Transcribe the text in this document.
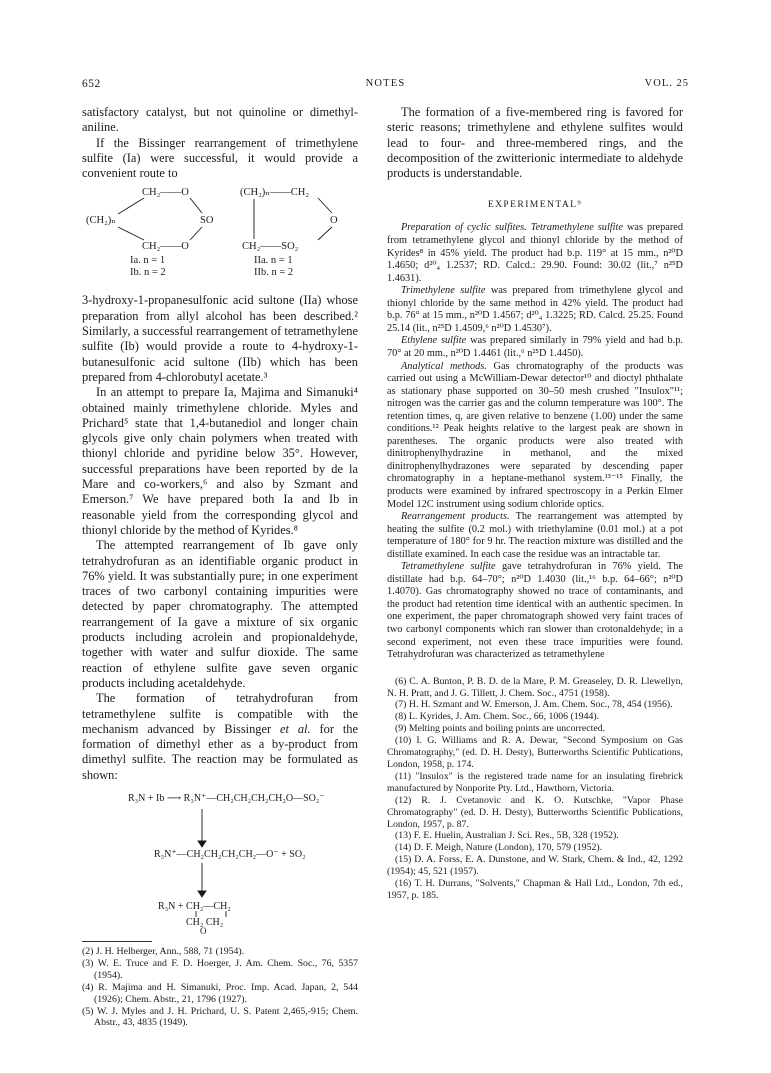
652	NOTES	VOL. 25

satisfactory catalyst, but not quinoline or dimethyl-aniline.

If the Bissinger rearrangement of trimethylene sulfite (Ia) were successful, it would provide a convenient route to

CH₂——O
(CH₂)ₙ	SO
CH₂——O
Ia. n = 1
Ib. n = 2
(CH₂)ₙ——CH₂
O
CH₂——SO₂
IIa. n = 1
IIb. n = 2

3-hydroxy-1-propanesulfonic acid sultone (IIa) whose preparation from allyl alcohol has been described.² Similarly, a successful rearrangement of tetramethylene sulfite (Ib) would provide a route to 4-hydroxy-1-butanesulfonic acid sultone (IIb) which has been prepared from 4-chlorobutyl acetate.³

In an attempt to prepare Ia, Majima and Simanuki⁴ obtained mainly trimethylene chloride. Myles and Prichard⁵ state that 1,4-butanediol and longer chain glycols give only chain polymers when treated with thionyl chloride and pyridine below 35°. However, successful preparations have been reported by de la Mare and co-workers,⁶ and also by Szmant and Emerson.⁷ We have prepared both Ia and Ib in reasonable yield from the corresponding glycol and thionyl chloride by the method of Kyrides.⁸

The attempted rearrangement of Ib gave only tetrahydrofuran as an identifiable organic product in 76% yield. It was substantially pure; in one experiment traces of two carbonyl containing impurities were detected by paper chromatography. The attempted rearrangement of Ia gave a mixture of six organic products including acrolein and propionaldehyde, together with water and sulfur dioxide. The same reaction of ethylene sulfite gave seven organic products including acetaldehyde.

The formation of tetrahydrofuran from tetramethylene sulfite is compatible with the mechanism advanced by Bissinger et al. for the formation of dimethyl ether as a by-product from dimethyl sulfite. The reaction may be formulated as shown:

R₃N + Ib ⟶ R₃N⁺—CH₂CH₂CH₂CH₂O—SO₂⁻
R₃N⁺—CH₂CH₂CH₂CH₂—O⁻ + SO₂
R₃N + CH₂—CH₂
CH₂ CH₂
O

(2) J. H. Helberger, Ann., 588, 71 (1954).

(3) W. E. Truce and F. D. Hoerger, J. Am. Chem. Soc., 76, 5357 (1954).

(4) R. Majima and H. Simanuki, Proc. Imp. Acad. Japan, 2, 544 (1926); Chem. Abstr., 21, 1796 (1927).

(5) W. J. Myles and J. H. Prichard, U. S. Patent 2,465,-915; Chem. Abstr., 43, 4835 (1949).

The formation of a five-membered ring is favored for steric reasons; trimethylene and ethylene sulfites would lead to four- and three-membered rings, and the decomposition of the zwitterionic intermediate to aldehyde products is understandable.

EXPERIMENTAL⁹

Preparation of cyclic sulfites. Tetramethylene sulfite was prepared from tetramethylene glycol and thionyl chloride by the method of Kyrides⁸ in 45% yield. The product had b.p. 119° at 15 mm., n²⁰D 1.4650; d²⁰₄ 1.2537; RD. Calcd.: 29.90. Found: 30.02 (lit.,⁷ n²⁵D 1.4631).

Trimethylene sulfite was prepared from trimethylene glycol and thionyl chloride by the same method in 42% yield. The product had b.p. 76° at 15 mm., n²⁰D 1.4567; d²⁰₄ 1.3225; RD. Calcd. 25.25. Found 25.14 (lit., n²⁵D 1.4509,⁶ n²⁰D 1.4530⁷).

Ethylene sulfite was prepared similarly in 79% yield and had b.p. 70° at 20 mm., n²⁰D 1.4461 (lit.,⁶ n²⁵D 1.4450).

Analytical methods. Gas chromatography of the products was carried out using a McWilliam-Dewar detector¹⁰ and dioctyl phthalate as stationary phase supported on 30–50 mesh crushed "Insulox"¹¹; nitrogen was the carrier gas and the column temperature was 100°. The retention times, q, are given relative to benzene (1.00) under the same conditions.¹² Peak heights relative to the largest peak are shown in parentheses. The organic products were also treated with dinitrophenylhydrazine in methanol, and the mixed dinitrophenylhydrazones were separated by descending paper chromatography in a heptane-methanol system.¹³⁻¹⁵ Finally, the products were examined by infrared spectroscopy in a Perkin Elmer Model 12C instrument using sodium chloride optics.

Rearrangement products. The rearrangement was attempted by heating the sulfite (0.2 mol.) with triethylamine (0.01 mol.) at a pot temperature of 180° for 9 hr. The reaction mixture was distilled and the distillate examined. In each case the residue was an intractable tar.

Tetramethylene sulfite gave tetrahydrofuran in 76% yield. The distillate had b.p. 64–70°; n²⁰D 1.4030 (lit.,¹⁶ b.p. 64–66°; n²⁰D 1.4070). Gas chromatography showed no trace of contaminants, and the product had retention time identical with an authentic specimen. In one experiment, the paper chromatograph showed very faint traces of two carbonyl components which ran slower than crotonaldehyde; in a second experiment, not even these trace impurities were found. Tetrahydrofuran was characterized as tetramethylene

(6) C. A. Bunton, P. B. D. de la Mare, P. M. Greaseley, D. R. Llewellyn, N. H. Pratt, and J. G. Tillett, J. Chem. Soc., 4751 (1958).

(7) H. H. Szmant and W. Emerson, J. Am. Chem. Soc., 78, 454 (1956).

(8) L. Kyrides, J. Am. Chem. Soc., 66, 1006 (1944).

(9) Melting points and boiling points are uncorrected.

(10) I. G. Williams and R. A. Dewar, "Second Symposium on Gas Chromatography," (ed. D. H. Desty), Butterworths Scientific Publications, London, 1958, p. 174.

(11) "Insulox" is the registered trade name for an insulating firebrick manufactured by Nonporite Pty. Ltd., Hawthorn, Victoria.

(12) R. J. Cvetanovic and K. O. Kutschke, "Vapor Phase Chromatography" (ed. D. H. Desty), Butterworths Scientific Publications, London, 1957, p. 87.

(13) F. E. Huelin, Australian J. Sci. Res., 5B, 328 (1952).

(14) D. F. Meigh, Nature (London), 170, 579 (1952).

(15) D. A. Forss, E. A. Dunstone, and W. Stark, Chem. & Ind., 42, 1292 (1954); 45, 521 (1957).

(16) T. H. Durrans, "Solvents," Chapman & Hall Ltd., London, 7th ed., 1957, p. 185.
